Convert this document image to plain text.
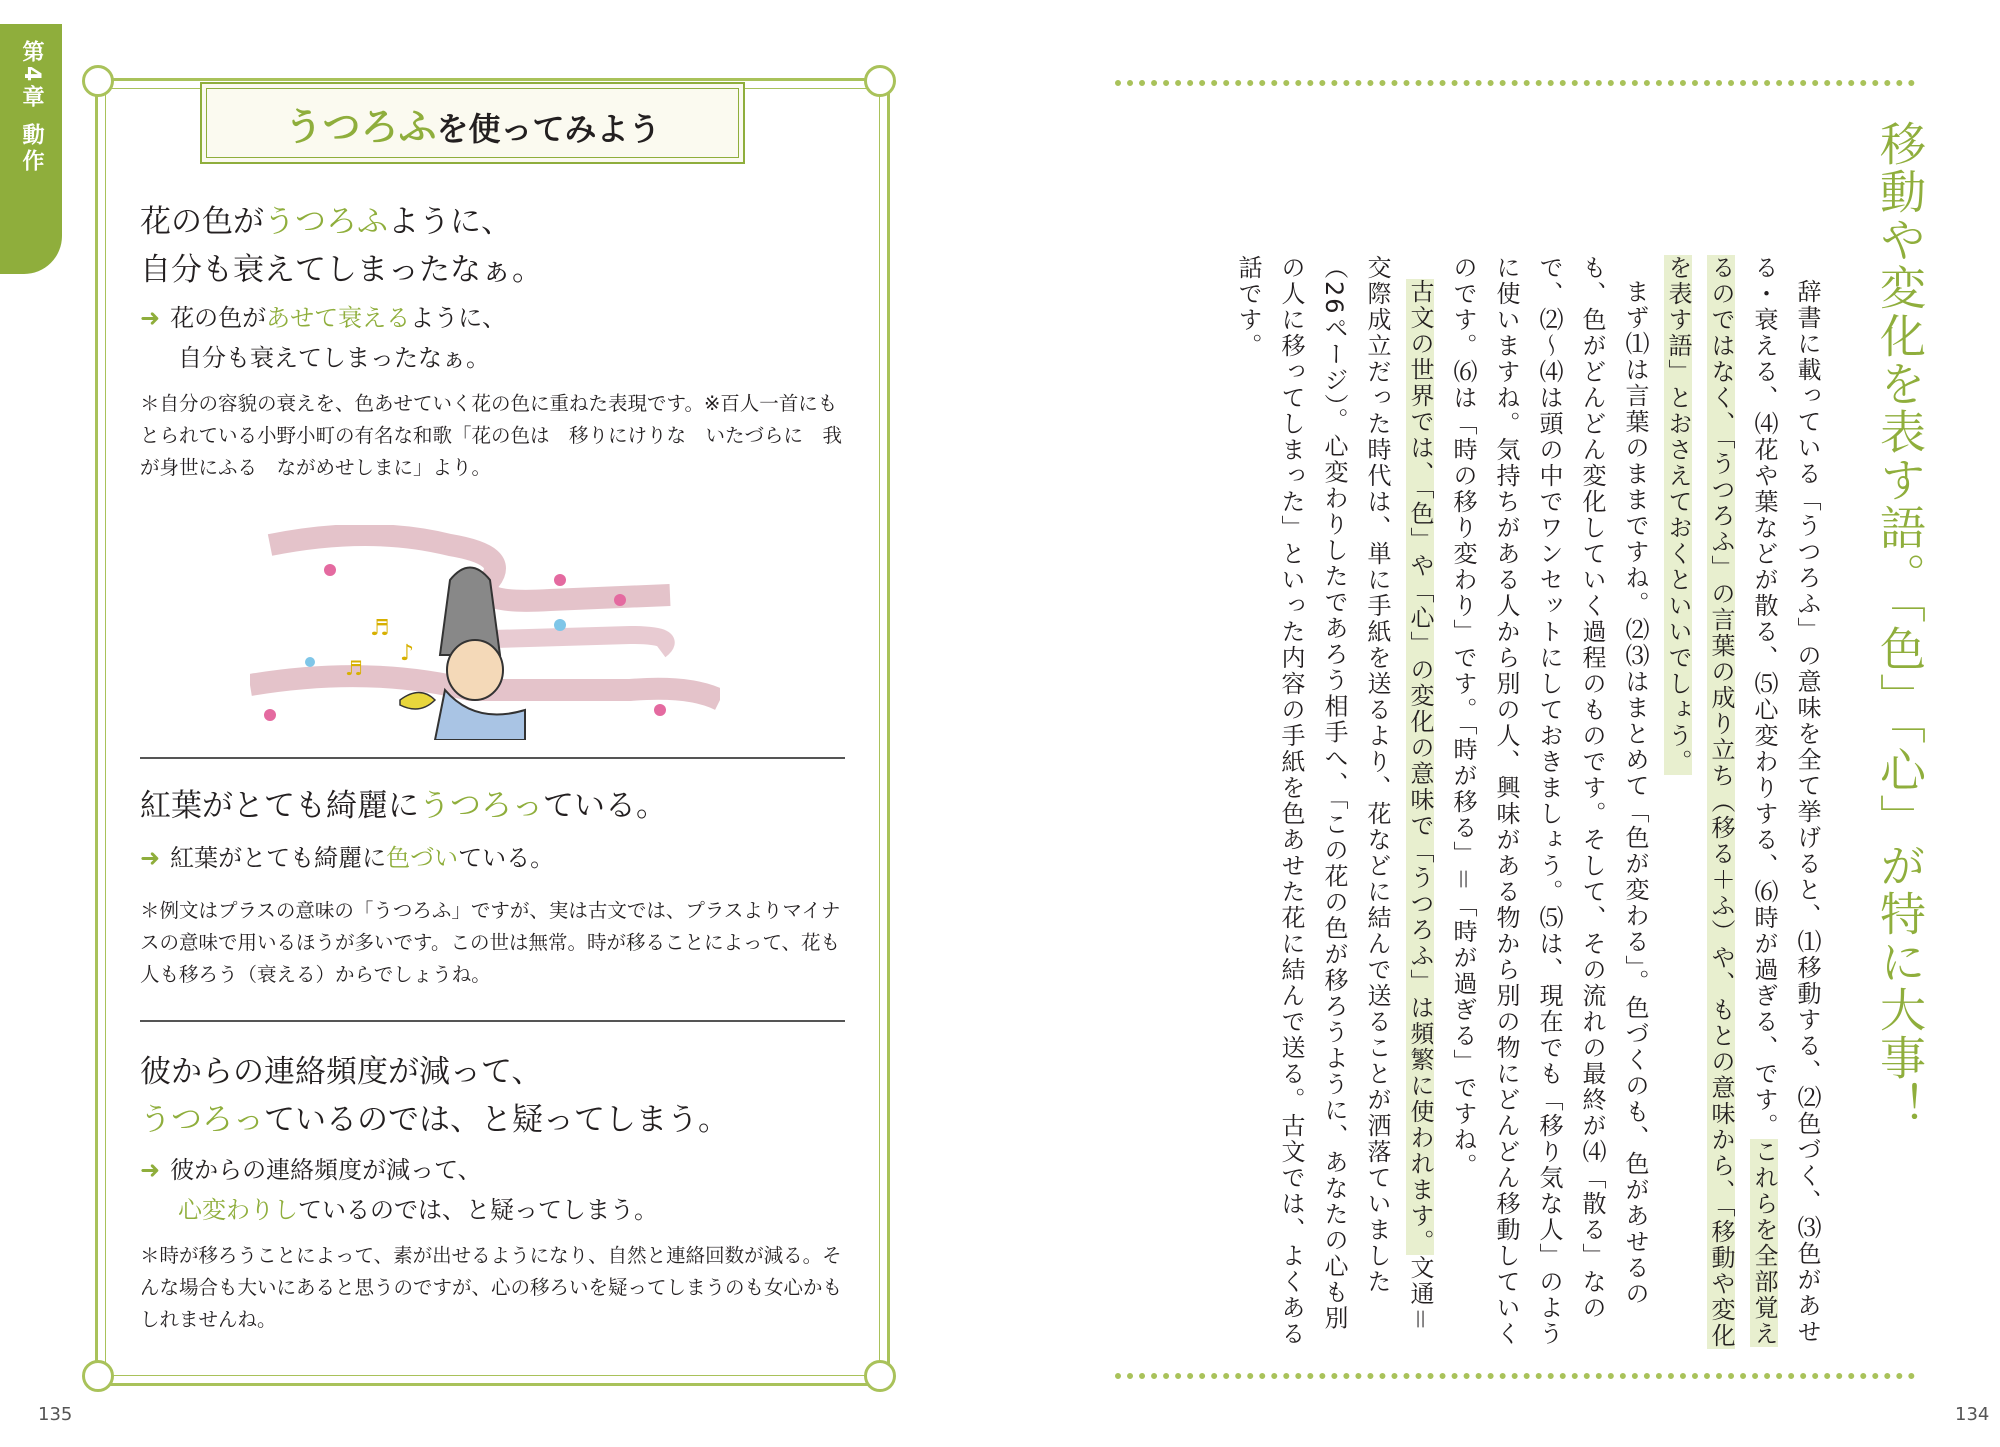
第4章 動作	うつろふを使ってみよう
花の色がうつろふように、
自分も衰えてしまったなぁ。
➜ 花の色があせて衰えるように、
自分も衰えてしまったなぁ。
＊自分の容貌の衰えを、色あせていく花の色に重ねた表現です。※百人一首にもとられている小野小町の有名な和歌「花の色は　移りにけりな　いたづらに　我が身世にふる　ながめせしまに」より。
♬
♪
♬
紅葉がとても綺麗にうつろっている。
➜ 紅葉がとても綺麗に色づいている。
＊例文はプラスの意味の「うつろふ」ですが、実は古文では、プラスよりマイナスの意味で用いるほうが多いです。この世は無常。時が移ることによって、花も人も移ろう（衰える）からでしょうね。
彼からの連絡頻度が減って、
うつろっているのでは、と疑ってしまう。
➜ 彼からの連絡頻度が減って、
心変わりしているのでは、と疑ってしまう。
＊時が移ろうことによって、素が出せるようになり、自然と連絡回数が減る。そんな場合も大いにあると思うのですが、心の移ろいを疑ってしまうのも女心かもしれませんね。
135
移動や変化を表す語。「色」「心」が特に大事！

辞書に載っている「うつろふ」の意味を全て挙げると、⑴移動する、⑵色づく、⑶色があせる・衰える、⑷花や葉などが散る、⑸心変わりする、⑹時が過ぎる、です。これらを全部覚えるのではなく、「うつろふ」の言葉の成り立ち（移る＋ふ）や、もとの意味から、「移動や変化を表す語」とおさえておくといいでしょう。

まず⑴は言葉のままですね。⑵⑶はまとめて「色が変わる」。色づくのも、色があせるのも、色がどんどん変化していく過程のものです。そして、その流れの最終が⑷「散る」なので、⑵〜⑷は頭の中でワンセットにしておきましょう。⑸は、現在でも「移り気な人」のように使いますね。気持ちがある人から別の人、興味がある物から別の物にどんどん移動していくのです。⑹は「時の移り変わり」です。「時が移る」＝「時が過ぎる」ですね。

古文の世界では、「色」や「心」の変化の意味で「うつろふ」は頻繁に使われます。文通＝交際成立だった時代は、単に手紙を送るより、花などに結んで送ることが洒落ていました（26ページ）。心変わりしたであろう相手へ、「この花の色が移ろうように、あなたの心も別の人に移ってしまった」といった内容の手紙を色あせた花に結んで送る。古文では、よくある話です。

134
